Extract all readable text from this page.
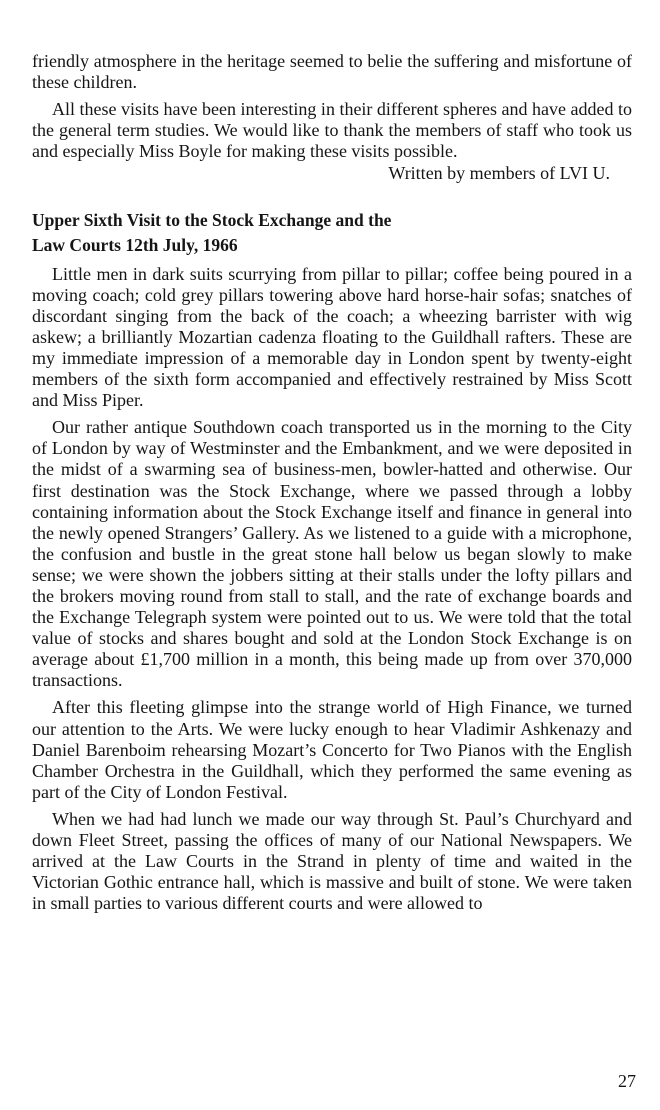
friendly atmosphere in the heritage seemed to belie the suffering and misfortune of these children.

All these visits have been interesting in their different spheres and have added to the general term studies. We would like to thank the members of staff who took us and especially Miss Boyle for making these visits possible.

Written by members of LVI U.

Upper Sixth Visit to the Stock Exchange and the
Law Courts 12th July, 1966

Little men in dark suits scurrying from pillar to pillar; coffee being poured in a moving coach; cold grey pillars towering above hard horse-hair sofas; snatches of discordant singing from the back of the coach; a wheezing barrister with wig askew; a brilliantly Mozartian cadenza floating to the Guildhall rafters. These are my immediate impression of a memorable day in London spent by twenty-eight members of the sixth form accompanied and effectively restrained by Miss Scott and Miss Piper.

Our rather antique Southdown coach transported us in the morning to the City of London by way of Westminster and the Embankment, and we were deposited in the midst of a swarming sea of business-men, bowler-hatted and otherwise. Our first destination was the Stock Exchange, where we passed through a lobby containing information about the Stock Exchange itself and finance in general into the newly opened Strangers’ Gallery. As we listened to a guide with a microphone, the confusion and bustle in the great stone hall below us began slowly to make sense; we were shown the jobbers sitting at their stalls under the lofty pillars and the brokers moving round from stall to stall, and the rate of exchange boards and the Exchange Telegraph system were pointed out to us. We were told that the total value of stocks and shares bought and sold at the London Stock Exchange is on average about £1,700 million in a month, this being made up from over 370,000 transactions.

After this fleeting glimpse into the strange world of High Finance, we turned our attention to the Arts. We were lucky enough to hear Vladimir Ashkenazy and Daniel Barenboim rehearsing Mozart’s Concerto for Two Pianos with the English Chamber Orchestra in the Guildhall, which they performed the same evening as part of the City of London Festival.

When we had had lunch we made our way through St. Paul’s Churchyard and down Fleet Street, passing the offices of many of our National Newspapers. We arrived at the Law Courts in the Strand in plenty of time and waited in the Victorian Gothic entrance hall, which is massive and built of stone. We were taken in small parties to various different courts and were allowed to

27
